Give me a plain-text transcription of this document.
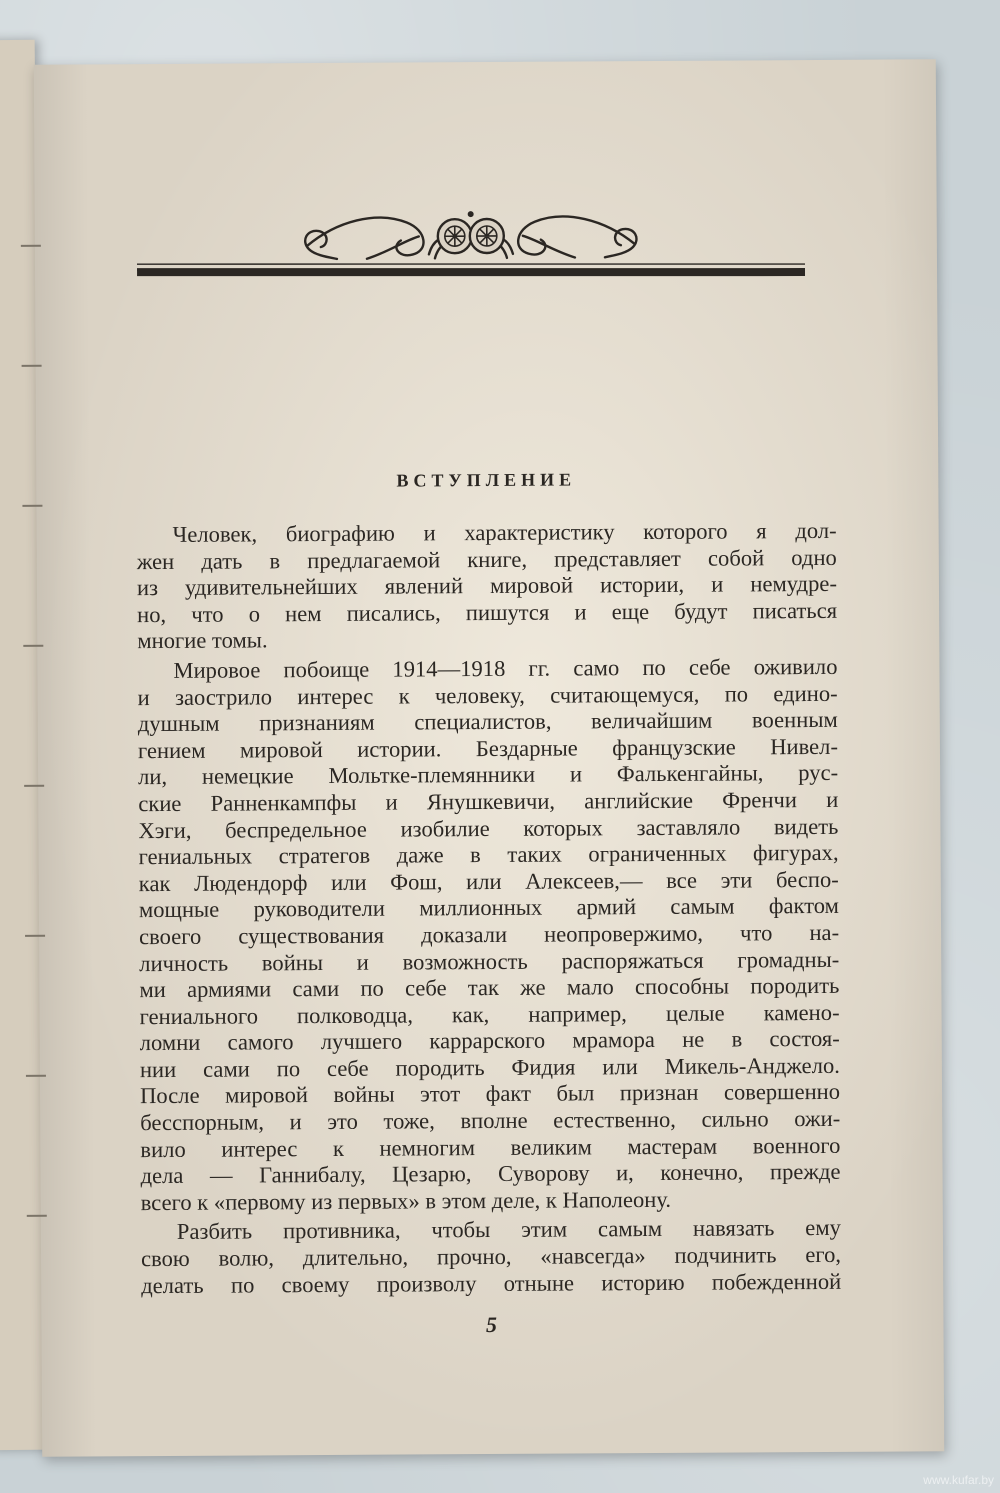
ВСТУПЛЕНИЕ
Человек, биографию и характеристику которого я дол-
жен дать в предлагаемой книге, представляет собой одно
из удивительнейших явлений мировой истории, и немудре-
но, что о нем писались, пишутся и еще будут писаться
многие томы.
Мировое побоище 1914—1918 гг. само по себе оживило
и заострило интерес к человеку, считающемуся, по едино-
душным признаниям специалистов, величайшим военным
гением мировой истории. Бездарные французские Нивел-
ли, немецкие Мольтке-племянники и Фалькенгайны, рус-
ские Ранненкампфы и Янушкевичи, английские Френчи и
Хэги, беспредельное изобилие которых заставляло видеть
гениальных стратегов даже в таких ограниченных фигурах,
как Людендорф или Фош, или Алексеев,— все эти беспо-
мощные руководители миллионных армий самым фактом
своего существования доказали неопровержимо, что на-
личность войны и возможность распоряжаться громадны-
ми армиями сами по себе так же мало способны породить
гениального полководца, как, например, целые камено-
ломни самого лучшего каррарского мрамора не в состоя-
нии сами по себе породить Фидия или Микель-Анджело.
После мировой войны этот факт был признан совершенно
бесспорным, и это тоже, вполне естественно, сильно ожи-
вило интерес к немногим великим мастерам военного
дела — Ганнибалу, Цезарю, Суворову и, конечно, прежде
всего к «первому из первых» в этом деле, к Наполеону.
Разбить противника, чтобы этим самым навязать ему
свою волю, длительно, прочно, «навсегда» подчинить его,
делать по своему произволу отныне историю побежденной
5
www.kufar.by
